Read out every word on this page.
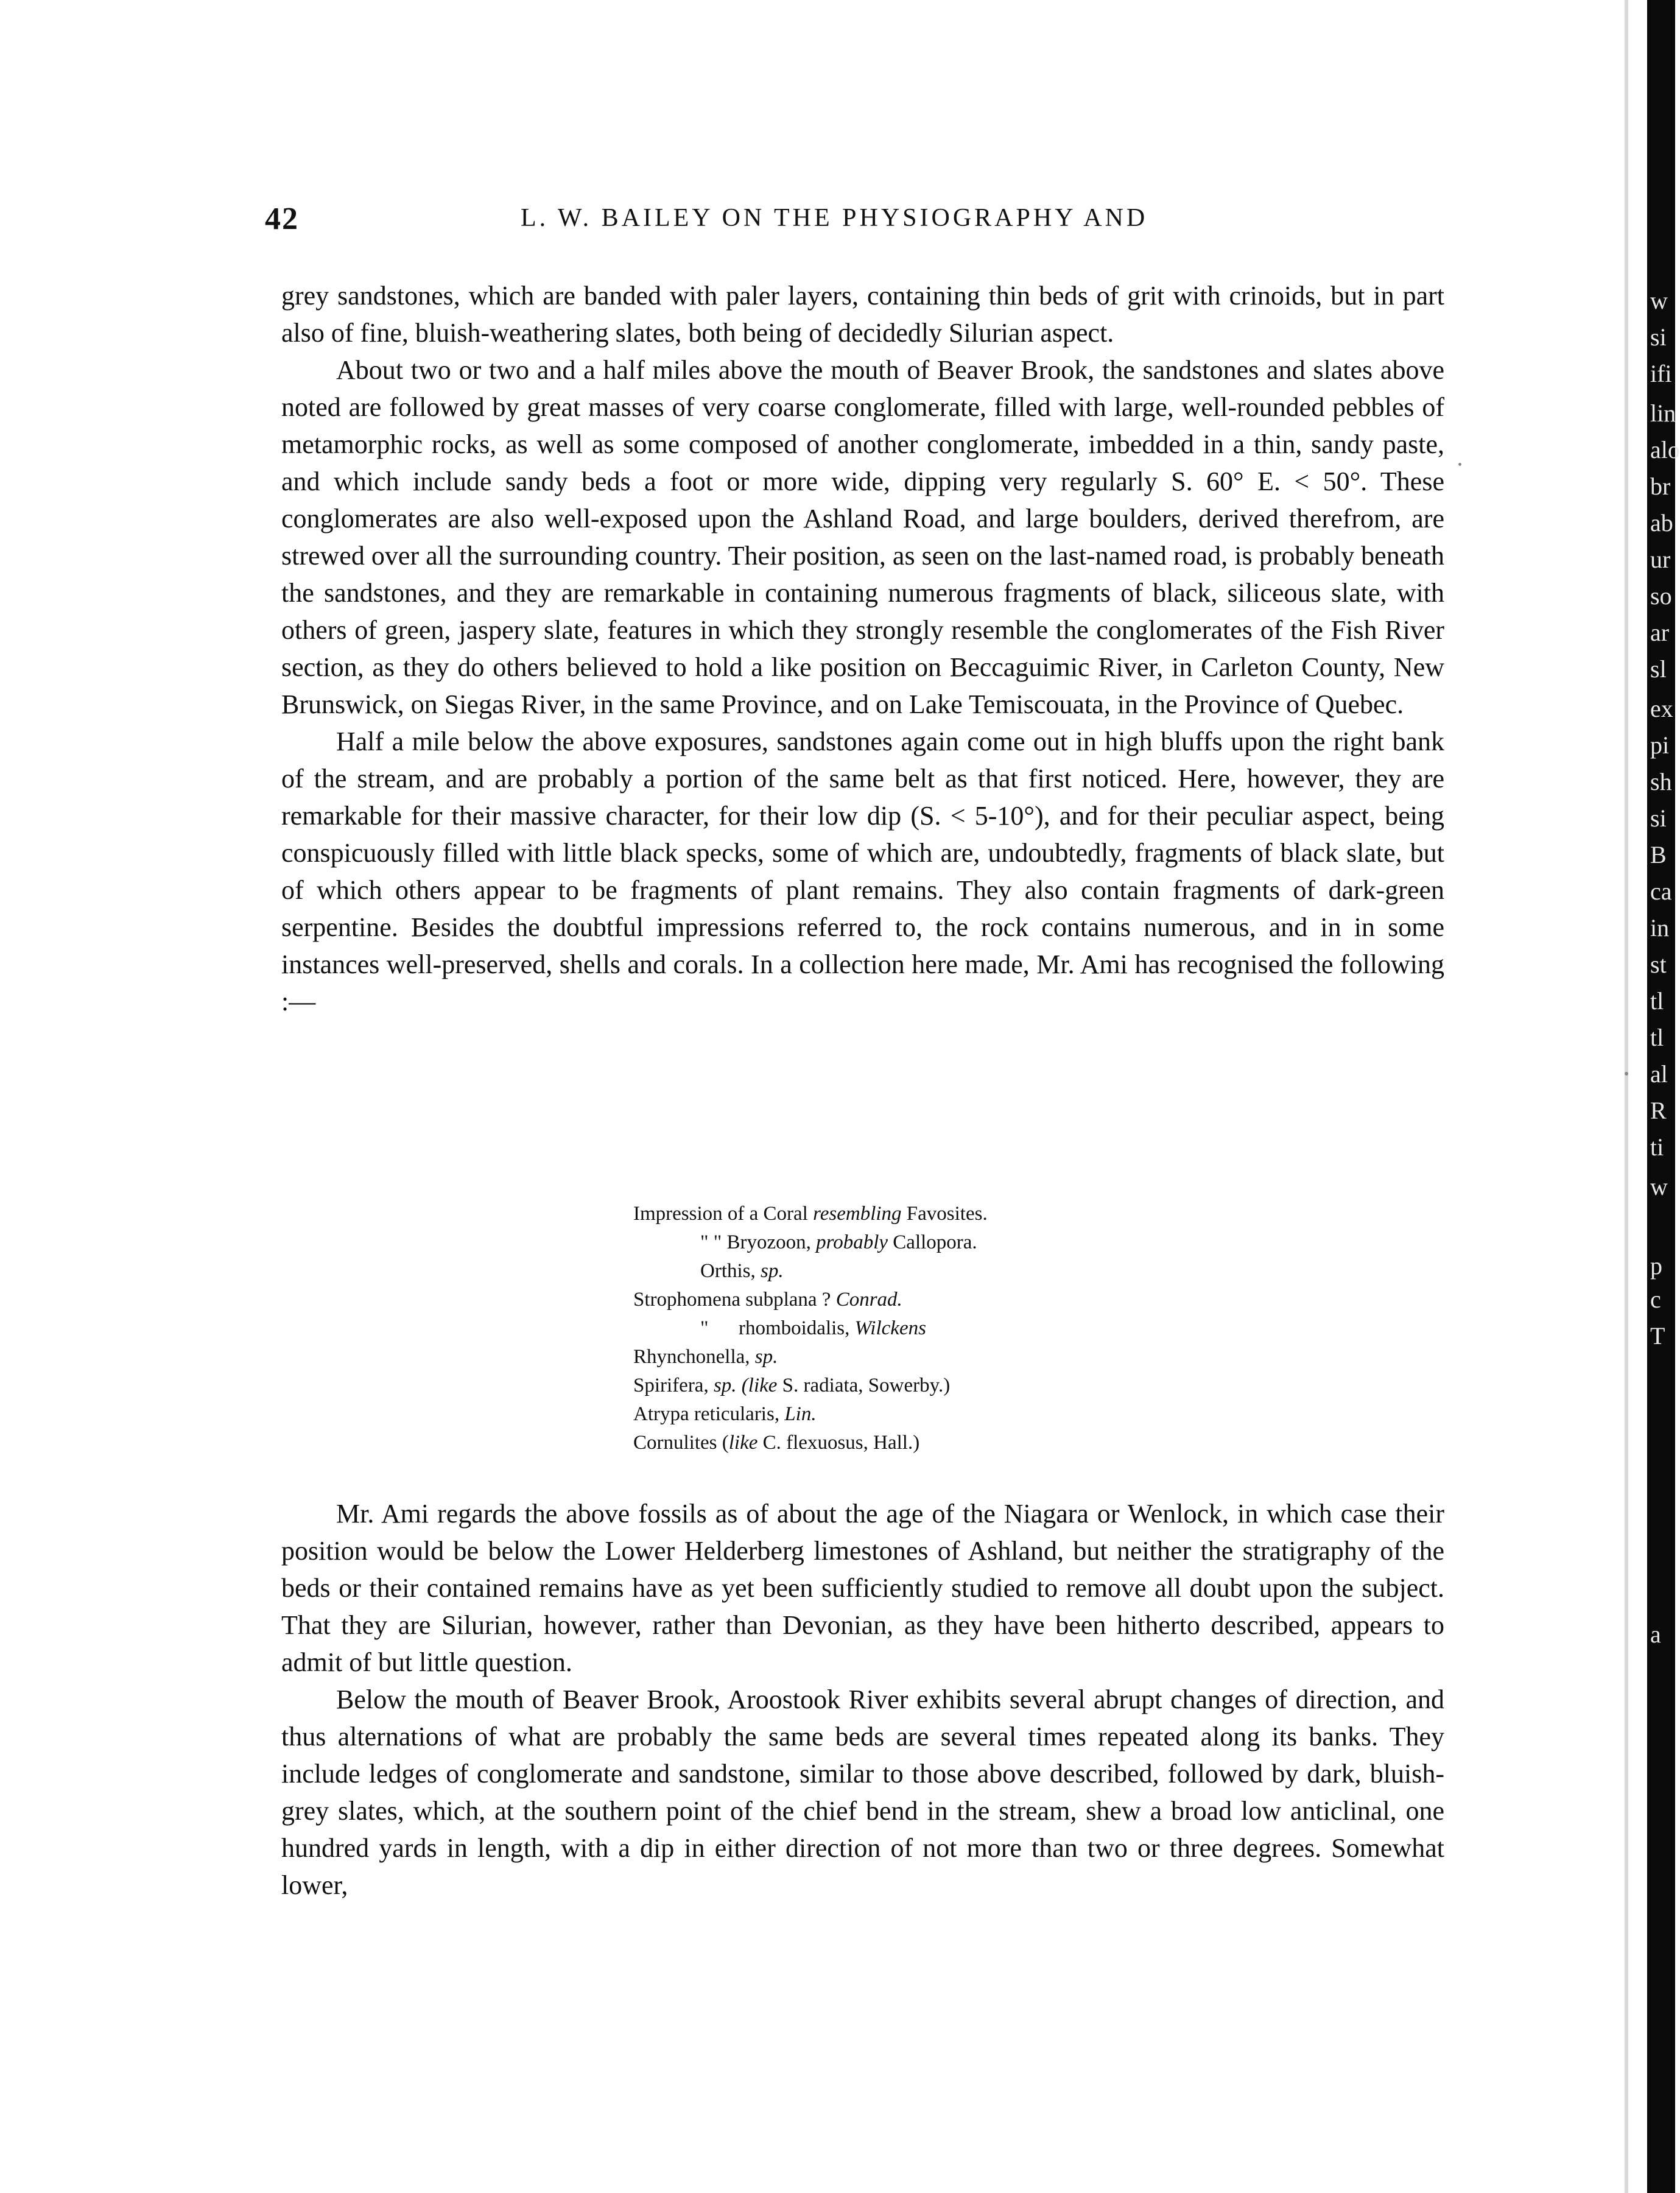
42	L. W. BAILEY ON THE PHYSIOGRAPHY AND

grey sandstones, which are banded with paler layers, containing thin beds of grit with crinoids, but in part also of fine, bluish-weathering slates, both being of decidedly Silurian aspect.

About two or two and a half miles above the mouth of Beaver Brook, the sandstones and slates above noted are followed by great masses of very coarse conglomerate, filled with large, well-rounded pebbles of metamorphic rocks, as well as some composed of another conglomerate, imbedded in a thin, sandy paste, and which include sandy beds a foot or more wide, dipping very regularly S. 60° E. < 50°. These conglomerates are also well-exposed upon the Ashland Road, and large boulders, derived therefrom, are strewed over all the surrounding country. Their position, as seen on the last-named road, is probably beneath the sandstones, and they are remarkable in containing numerous fragments of black, siliceous slate, with others of green, jaspery slate, features in which they strongly resemble the conglomerates of the Fish River section, as they do others believed to hold a like position on Beccaguimic River, in Carleton County, New Brunswick, on Siegas River, in the same Province, and on Lake Temiscouata, in the Province of Quebec.

Half a mile below the above exposures, sandstones again come out in high bluffs upon the right bank of the stream, and are probably a portion of the same belt as that first noticed. Here, however, they are remarkable for their massive character, for their low dip (S. < 5-10°), and for their peculiar aspect, being conspicuously filled with little black specks, some of which are, undoubtedly, fragments of black slate, but of which others appear to be fragments of plant remains. They also contain fragments of dark-green serpentine. Besides the doubtful impressions referred to, the rock contains numerous, and in in some instances well-preserved, shells and corals. In a collection here made, Mr. Ami has recognised the following :—

Impression of a Coral resembling Favosites.

" " Bryozoon, probably Callopora.

Orthis, sp.

Strophomena subplana ? Conrad.

"      rhomboidalis, Wilckens

Rhynchonella, sp.

Spirifera, sp. (like S. radiata, Sowerby.)

Atrypa reticularis, Lin.

Cornulites (like C. flexuosus, Hall.)

Mr. Ami regards the above fossils as of about the age of the Niagara or Wenlock, in which case their position would be below the Lower Helderberg limestones of Ashland, but neither the stratigraphy of the beds or their contained remains have as yet been sufficiently studied to remove all doubt upon the subject. That they are Silurian, however, rather than Devonian, as they have been hitherto described, appears to admit of but little question.

Below the mouth of Beaver Brook, Aroostook River exhibits several abrupt changes of direction, and thus alternations of what are probably the same beds are several times repeated along its banks. They include ledges of conglomerate and sandstone, similar to those above described, followed by dark, bluish-grey slates, which, at the southern point of the chief bend in the stream, shew a broad low anticlinal, one hundred yards in length, with a dip in either direction of not more than two or three degrees. Somewhat lower,

w
si
ifi
lin
alo
br
ab
ur
so
ar
sl
ex
pi
sh
si
B
ca
in
st
tl
tl
al
R
ti
w
p
c
T
a
